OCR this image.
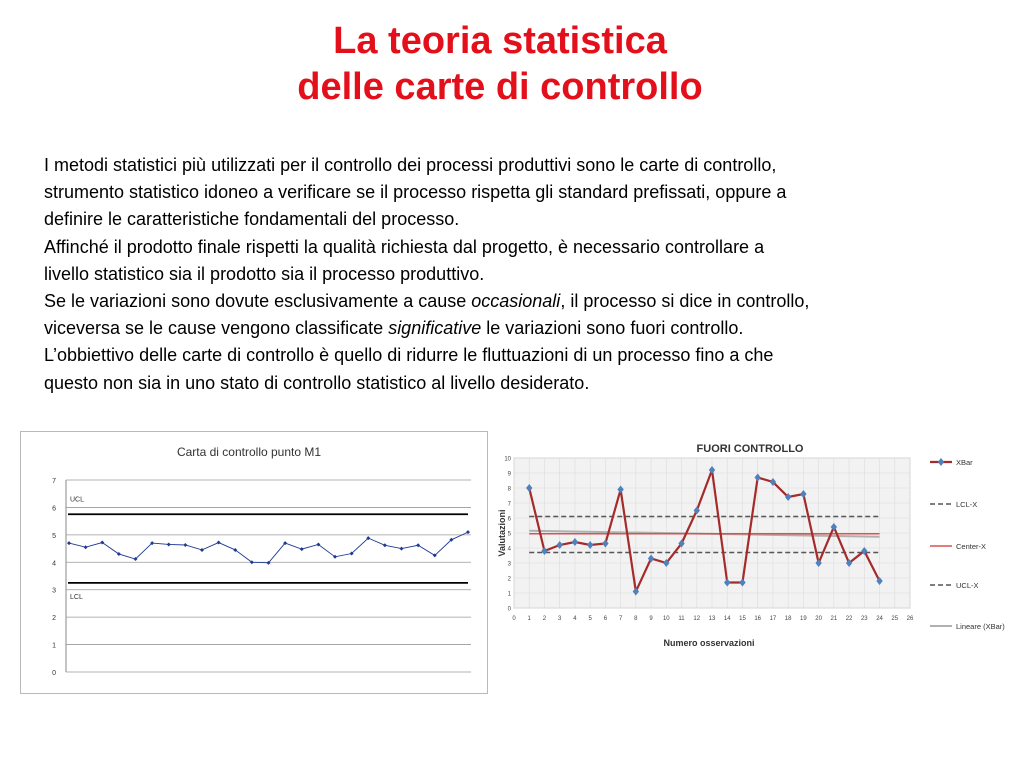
La teoria statistica
delle carte di controllo

I metodi statistici più utilizzati per il controllo dei processi produttivi sono le carte di controllo,

strumento statistico idoneo a verificare se il processo rispetta gli standard prefissati, oppure a

definire le caratteristiche fondamentali del processo.

Affinché il prodotto finale rispetti la qualità richiesta dal progetto, è necessario controllare a

livello statistico sia il prodotto sia il processo produttivo.

Se le variazioni sono dovute esclusivamente a cause occasionali, il processo si dice in controllo,

viceversa se le cause vengono classificate significative le variazioni sono fuori controllo.

L’obbiettivo delle carte di controllo è quello di ridurre le fluttuazioni di un processo fino a che

questo non sia in uno stato di controllo statistico al livello desiderato.

Carta di controllo punto M1
0
1
2
3
4
5
6
7
UCL
LCL
FUORI CONTROLLO
0
1
2
3
4
5
6
7
8
9
10
0 1 2 3 4 5 6 7 8 9 10 11 12 13 14 15 16 17 18 19 20 21 22 23 24 25 26
Numero osservazioni
Valutazioni
XBar
LCL-X
Center-X
UCL-X
Lineare (XBar)
